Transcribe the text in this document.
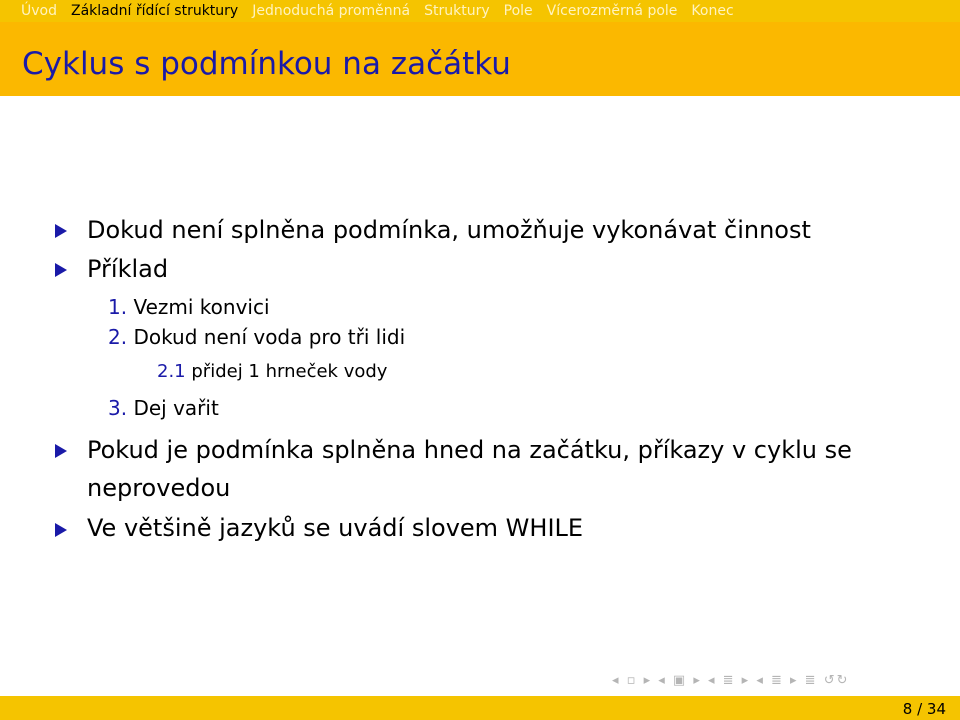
Úvod	Základní řídící struktury	Jednoduchá proměnná	Struktury	Pole	Vícerozměrná pole	Konec
Cyklus s podmínkou na začátku
Dokud není splněna podmínka, umožňuje vykonávat činnost
Příklad
1. Vezmi konvici
2. Dokud není voda pro tři lidi
2.1 přidej 1 hrneček vody
3. Dej vařit
Pokud je podmínka splněna hned na začátku, příkazy v cyklu se
neprovedou
Ve většině jazyků se uvádí slovem WHILE
◂ ▫ ▸ ◂ ▣ ▸ ◂ ≣ ▸ ◂ ≣ ▸ ≣ ↺↻
8 / 34
